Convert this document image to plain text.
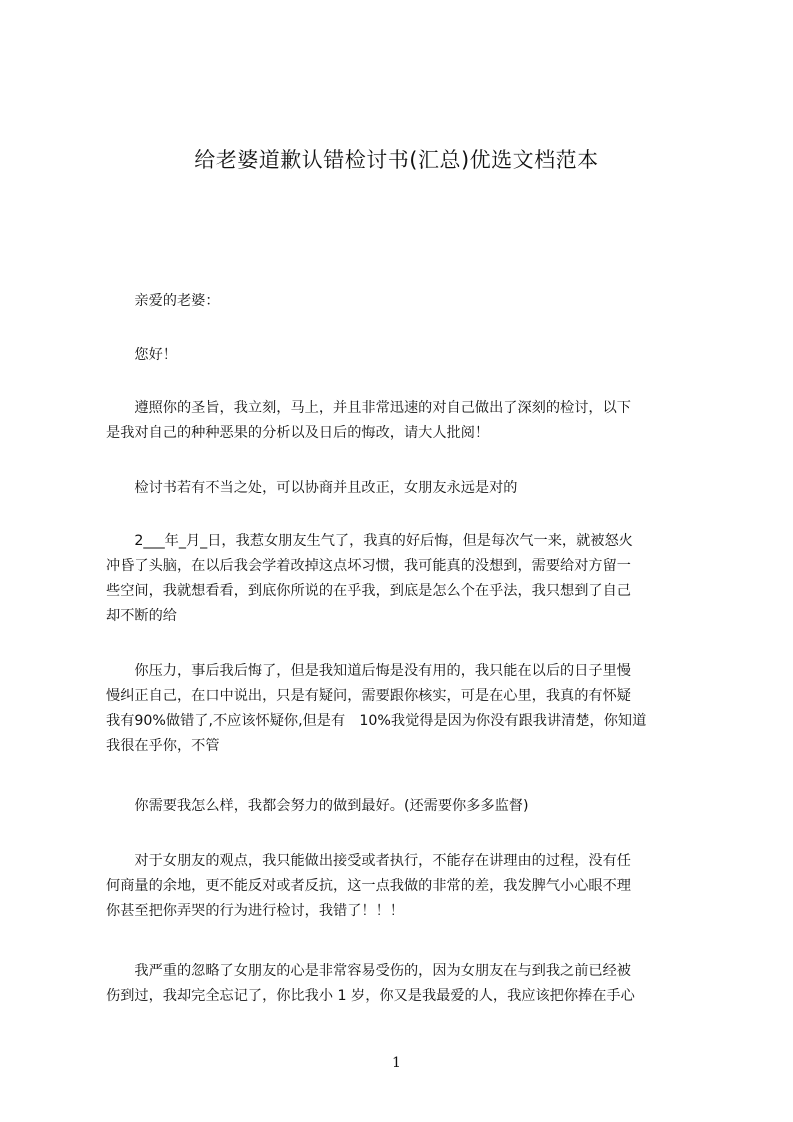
给老婆道歉认错检讨书(汇总)优选文档范本
　　亲爱的老婆：
　　您好！
　　遵照你的圣旨，我立刻，马上，并且非常迅速的对自己做出了深刻的检讨，以下
是我对自己的种种恶果的分析以及日后的悔改，请大人批阅！
　　检讨书若有不当之处，可以协商并且改正，女朋友永远是对的
　　2___年_月_日，我惹女朋友生气了，我真的好后悔，但是每次气一来，就被怒火
冲昏了头脑，在以后我会学着改掉这点坏习惯，我可能真的没想到，需要给对方留一
些空间，我就想看看，到底你所说的在乎我，到底是怎么个在乎法，我只想到了自己
却不断的给
　　你压力，事后我后悔了，但是我知道后悔是没有用的，我只能在以后的日子里慢
慢纠正自己，在口中说出，只是有疑问，需要跟你核实，可是在心里，我真的有怀疑
我有90%做错了,不应该怀疑你,但是有　10%我觉得是因为你没有跟我讲清楚，你知道
我很在乎你，不管
　　你需要我怎么样，我都会努力的做到最好。(还需要你多多监督)
　　对于女朋友的观点，我只能做出接受或者执行，不能存在讲理由的过程，没有任
何商量的余地，更不能反对或者反抗，这一点我做的非常的差，我发脾气小心眼不理
你甚至把你弄哭的行为进行检讨，我错了！！！
　　我严重的忽略了女朋友的心是非常容易受伤的，因为女朋友在与到我之前已经被
伤到过，我却完全忘记了，你比我小 1 岁，你又是我最爱的人，我应该把你捧在手心
1
